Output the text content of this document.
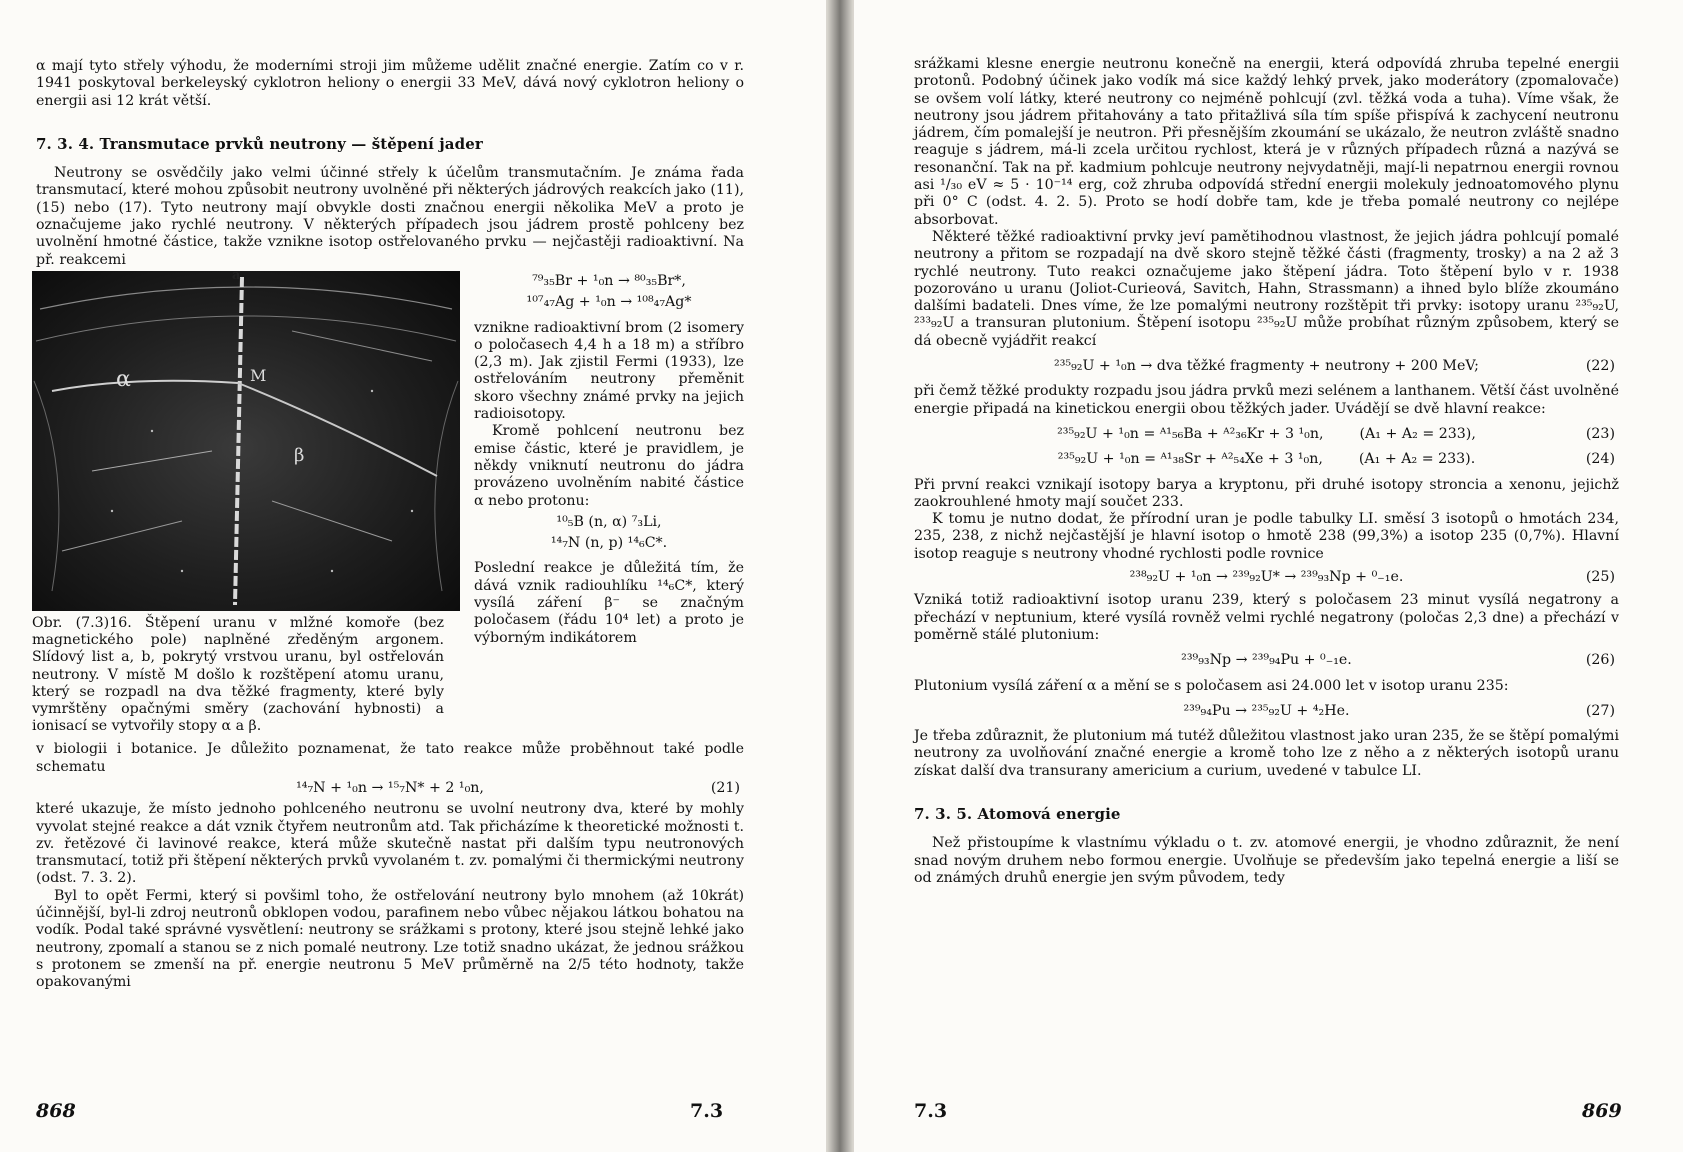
α mají tyto střely výhodu, že moderními stroji jim můžeme udělit značné energie. Zatím co v r. 1941 poskytoval berkeleyský cyklotron heliony o energii 33 MeV, dává nový cyklotron heliony o energii asi 12 krát větší.

7. 3. 4. Transmutace prvků neutrony — štěpení jader

Neutrony se osvědčily jako velmi účinné střely k účelům transmutačním. Je známa řada transmutací, které mohou způsobit neutrony uvolněné při některých jádrových reakcích jako (11), (15) nebo (17). Tyto neutrony mají obvykle dosti značnou energii několika MeV a proto je označujeme jako rychlé neutrony. V některých případech jsou jádrem prostě pohlceny bez uvolnění hmotné částice, takže vznikne isotop ostřelovaného prvku — nejčastěji radioaktivní. Na př. reakcemi

a
α	M
β

Obr. (7.3)16. Štěpení uranu v mlžné komoře (bez magnetického pole) naplněné zředěným argonem. Slídový list a, b, pokrytý vrstvou uranu, byl ostřelován neutrony. V místě M došlo k rozštěpení atomu uranu, který se rozpadl na dva těžké fragmenty, které byly vymrštěny opačnými směry (zachování hybnosti) a ionisací se vytvořily stopy α a β.

⁷⁹₃₅Br + ¹₀n → ⁸⁰₃₅Br*,
¹⁰⁷₄₇Ag + ¹₀n → ¹⁰⁸₄₇Ag*

vznikne radioaktivní brom (2 isomery o poločasech 4,4 h a 18 m) a stříbro (2,3 m). Jak zjistil Fermi (1933), lze ostřelováním neutrony přeměnit skoro všechny známé prvky na jejich radioisotopy.

Kromě pohlcení neutronu bez emise částic, které je pravidlem, je někdy vniknutí neutronu do jádra provázeno uvolněním nabité částice α nebo protonu:

¹⁰₅B (n, α) ⁷₃Li,
¹⁴₇N (n, p) ¹⁴₆C*.

Poslední reakce je důležitá tím, že dává vznik radiouhlíku ¹⁴₆C*, který vysílá záření β⁻ se značným poločasem (řádu 10⁴ let) a proto je výborným indikátorem

v biologii i botanice. Je důležito poznamenat, že tato reakce může proběhnout také podle schematu

¹⁴₇N + ¹₀n → ¹⁵₇N* + 2 ¹₀n,	(21)

které ukazuje, že místo jednoho pohlceného neutronu se uvolní neutrony dva, které by mohly vyvolat stejné reakce a dát vznik čtyřem neutronům atd. Tak přicházíme k theoretické možnosti t. zv. řetězové či lavinové reakce, která může skutečně nastat při dalším typu neutronových transmutací, totiž při štěpení některých prvků vyvolaném t. zv. pomalými či thermickými neutrony (odst. 7. 3. 2).

Byl to opět Fermi, který si povšiml toho, že ostřelování neutrony bylo mnohem (až 10krát) účinnější, byl-li zdroj neutronů obklopen vodou, parafinem nebo vůbec nějakou látkou bohatou na vodík. Podal také správné vysvětlení: neutrony se srážkami s protony, které jsou stejně lehké jako neutrony, zpomalí a stanou se z nich pomalé neutrony. Lze totiž snadno ukázat, že jednou srážkou s protonem se zmenší na př. energie neutronu 5 MeV průměrně na 2/5 této hodnoty, takže opakovanými

868	7.3

srážkami klesne energie neutronu konečně na energii, která odpovídá zhruba tepelné energii protonů. Podobný účinek jako vodík má sice každý lehký prvek, jako moderátory (zpomalovače) se ovšem volí látky, které neutrony co nejméně pohlcují (zvl. těžká voda a tuha). Víme však, že neutrony jsou jádrem přitahovány a tato přitažlivá síla tím spíše přispívá k zachycení neutronu jádrem, čím pomalejší je neutron. Při přesnějším zkoumání se ukázalo, že neutron zvláště snadno reaguje s jádrem, má-li zcela určitou rychlost, která je v různých případech různá a nazývá se resonanční. Tak na př. kadmium pohlcuje neutrony nejvydatněji, mají-li nepatrnou energii rovnou asi ¹/₃₀ eV ≈ 5 · 10⁻¹⁴ erg, což zhruba odpovídá střední energii molekuly jednoatomového plynu při 0° C (odst. 4. 2. 5). Proto se hodí dobře tam, kde je třeba pomalé neutrony co nejlépe absorbovat.

Některé těžké radioaktivní prvky jeví pamětihodnou vlastnost, že jejich jádra pohlcují pomalé neutrony a přitom se rozpadají na dvě skoro stejně těžké části (fragmenty, trosky) a na 2 až 3 rychlé neutrony. Tuto reakci označujeme jako štěpení jádra. Toto štěpení bylo v r. 1938 pozorováno u uranu (Joliot-Curieová, Savitch, Hahn, Strassmann) a ihned bylo blíže zkoumáno dalšími badateli. Dnes víme, že lze pomalými neutrony rozštěpit tři prvky: isotopy uranu ²³⁵₉₂U, ²³³₉₂U a transuran plutonium. Štěpení isotopu ²³⁵₉₂U může probíhat různým způsobem, který se dá obecně vyjádřit reakcí

²³⁵₉₂U + ¹₀n → dva těžké fragmenty + neutrony + 200 MeV;	(22)

při čemž těžké produkty rozpadu jsou jádra prvků mezi selénem a lanthanem. Větší část uvolněné energie připadá na kinetickou energii obou těžkých jader. Uvádějí se dvě hlavní reakce:

²³⁵₉₂U + ¹₀n = ᴬ¹₅₆Ba + ᴬ²₃₆Kr + 3 ¹₀n,	(A₁ + A₂ = 233),	(23)
²³⁵₉₂U + ¹₀n = ᴬ¹₃₈Sr + ᴬ²₅₄Xe + 3 ¹₀n,	(A₁ + A₂ = 233).	(24)

Při první reakci vznikají isotopy barya a kryptonu, při druhé isotopy stroncia a xenonu, jejichž zaokrouhlené hmoty mají součet 233.

K tomu je nutno dodat, že přírodní uran je podle tabulky LI. směsí 3 isotopů o hmotách 234, 235, 238, z nichž nejčastější je hlavní isotop o hmotě 238 (99,3%) a isotop 235 (0,7%). Hlavní isotop reaguje s neutrony vhodné rychlosti podle rovnice

²³⁸₉₂U + ¹₀n → ²³⁹₉₂U* → ²³⁹₉₃Np + ⁰₋₁e.	(25)

Vzniká totiž radioaktivní isotop uranu 239, který s poločasem 23 minut vysílá negatrony a přechází v neptunium, které vysílá rovněž velmi rychlé negatrony (poločas 2,3 dne) a přechází v poměrně stálé plutonium:

²³⁹₉₃Np → ²³⁹₉₄Pu + ⁰₋₁e.	(26)

Plutonium vysílá záření α a mění se s poločasem asi 24.000 let v isotop uranu 235:

²³⁹₉₄Pu → ²³⁵₉₂U + ⁴₂He.	(27)

Je třeba zdůraznit, že plutonium má tutéž důležitou vlastnost jako uran 235, že se štěpí pomalými neutrony za uvolňování značné energie a kromě toho lze z něho a z některých isotopů uranu získat další dva transurany americium a curium, uvedené v tabulce LI.

7. 3. 5. Atomová energie

Než přistoupíme k vlastnímu výkladu o t. zv. atomové energii, je vhodno zdůraznit, že není snad novým druhem nebo formou energie. Uvolňuje se především jako tepelná energie a liší se od známých druhů energie jen svým původem, tedy

7.3	869
